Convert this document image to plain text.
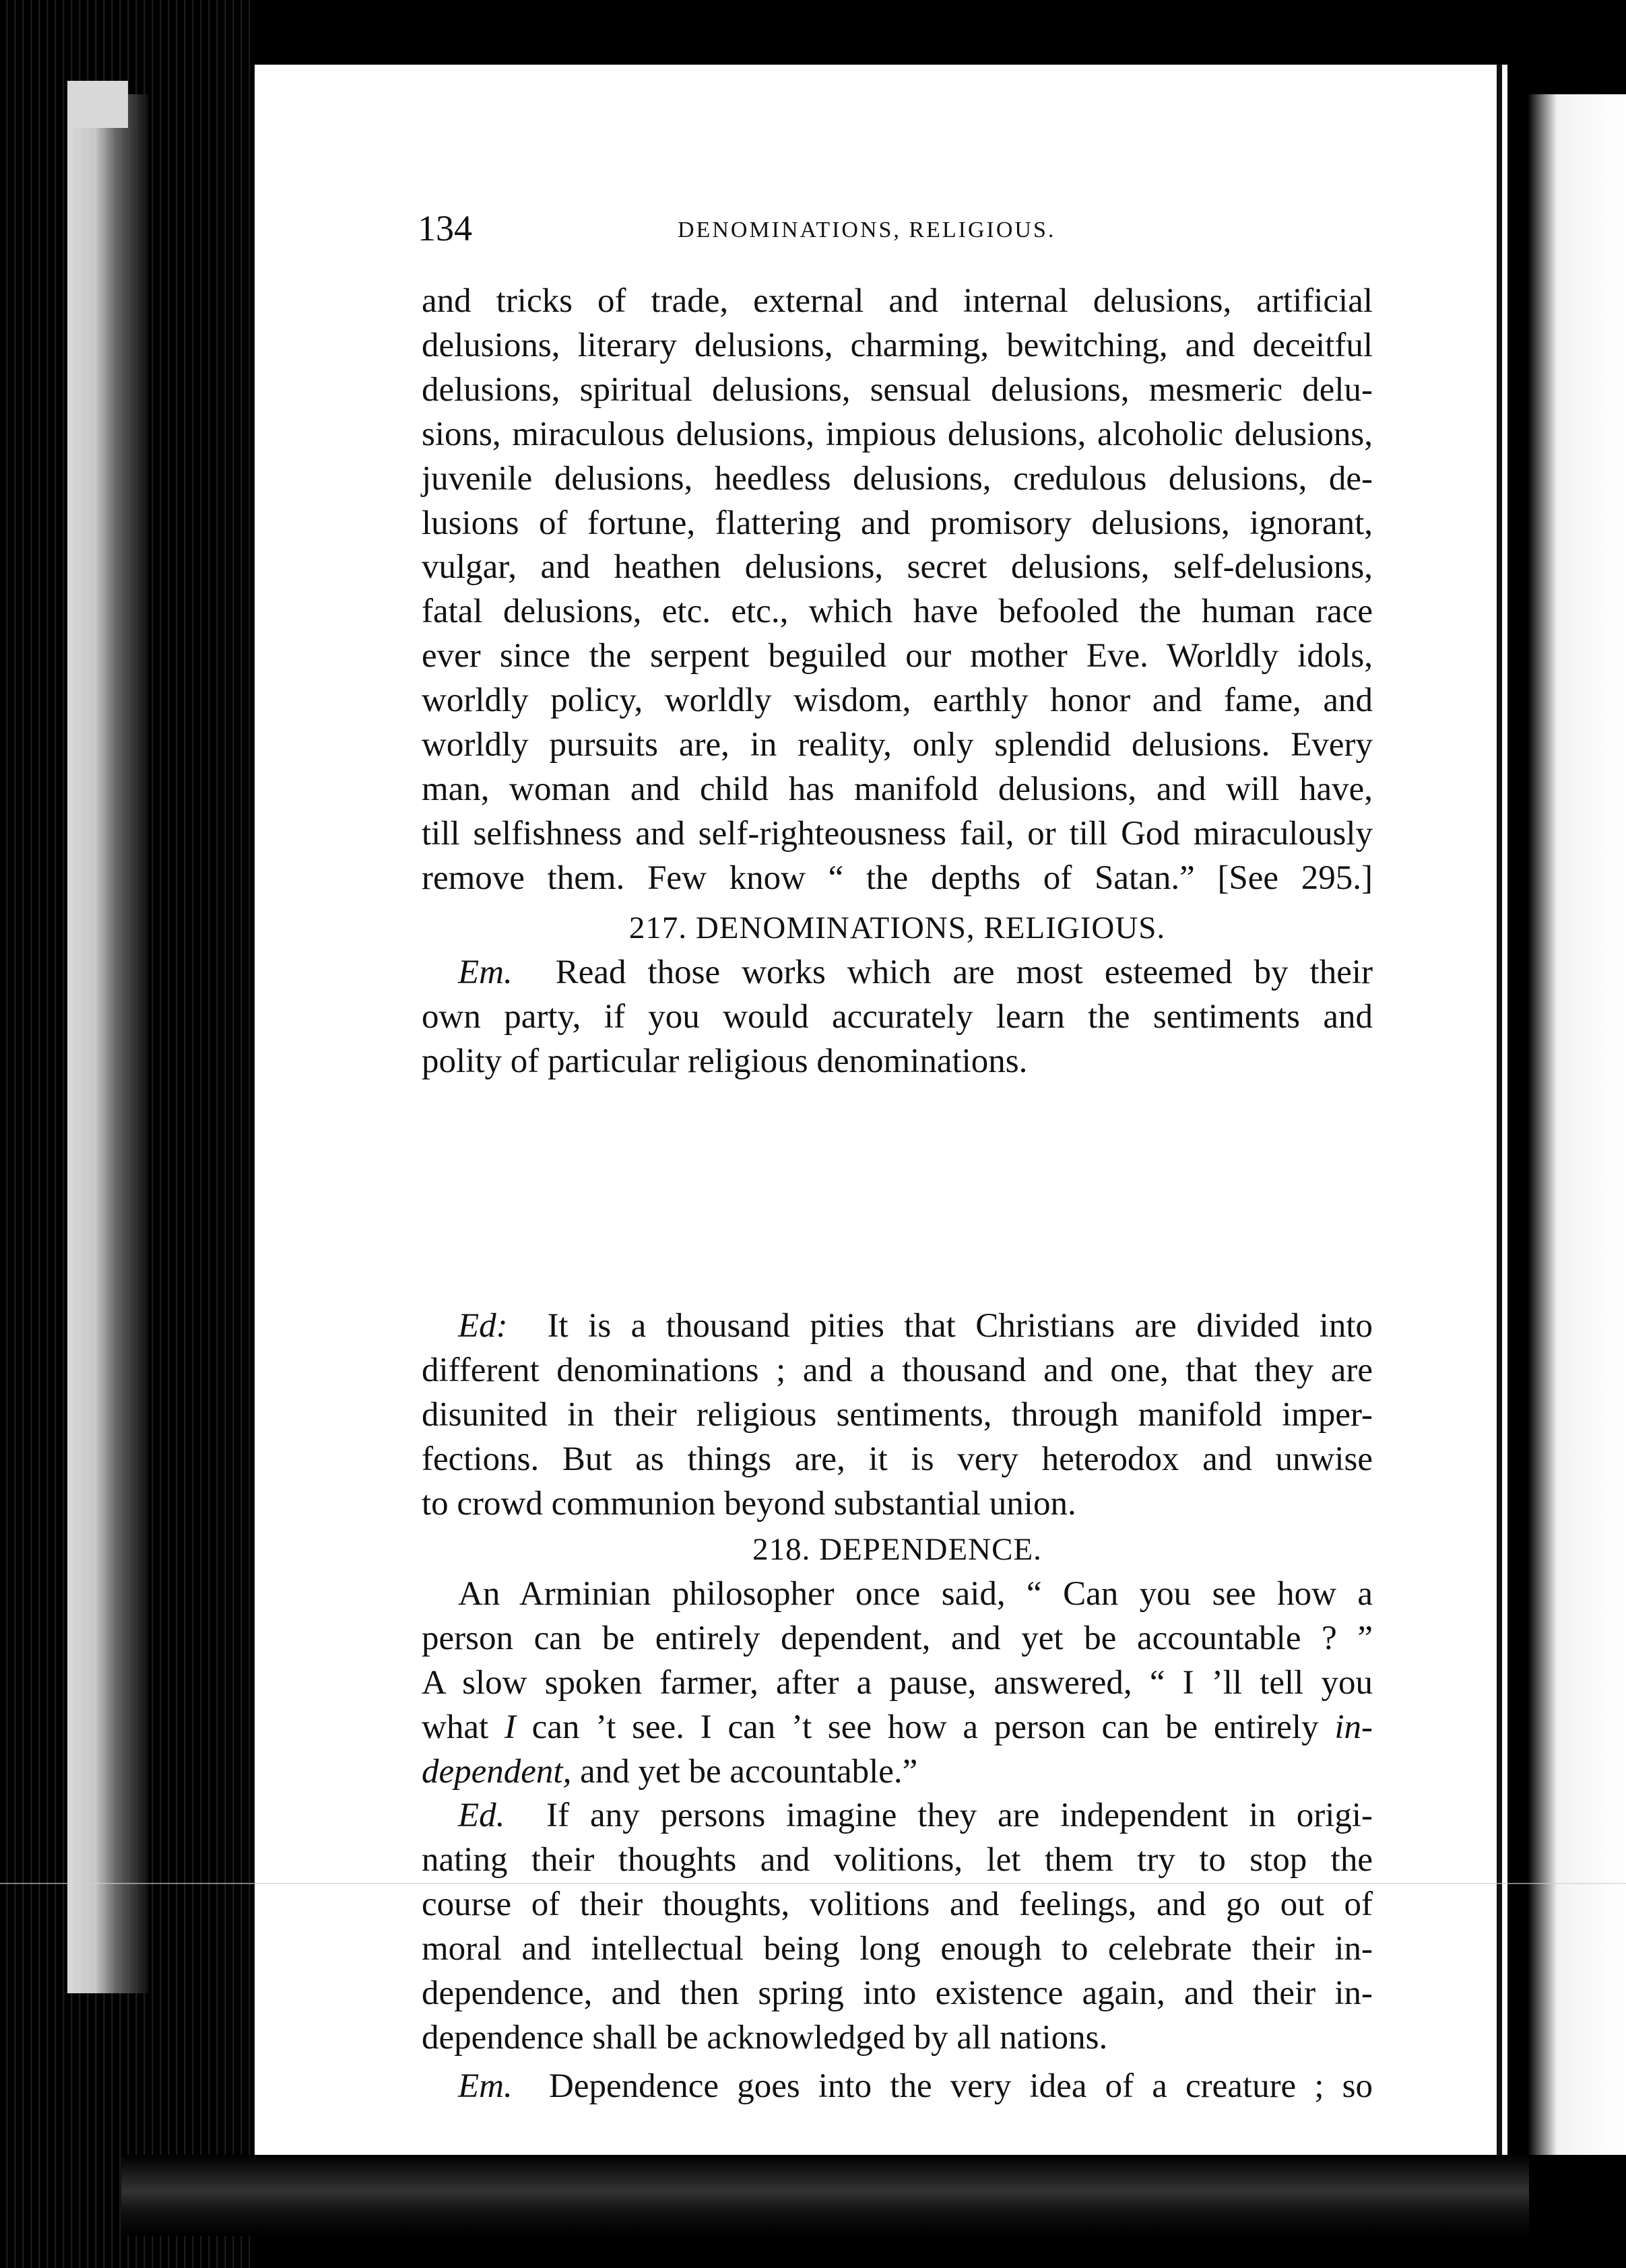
134	DENOMINATIONS, RELIGIOUS.
and tricks of trade, external and internal delusions, artificial
delusions, literary delusions, charming, bewitching, and deceitful
delusions, spiritual delusions, sensual delusions, mesmeric delu-
sions, miraculous delusions, impious delusions, alcoholic delusions,
juvenile delusions, heedless delusions, credulous delusions, de-
lusions of fortune, flattering and promisory delusions, ignorant,
vulgar, and heathen delusions, secret delusions, self-delusions,
fatal delusions, etc. etc., which have befooled the human race
ever since the serpent beguiled our mother Eve. Worldly idols,
worldly policy, worldly wisdom, earthly honor and fame, and
worldly pursuits are, in reality, only splendid delusions. Every
man, woman and child has manifold delusions, and will have,
till selfishness and self-righteousness fail, or till God miraculously
remove them. Few know “ the depths of Satan.” [See 295.]
217. DENOMINATIONS, RELIGIOUS.
Em. Read those works which are most esteemed by their
own party, if you would accurately learn the sentiments and
polity of particular religious denominations.
Ed: It is a thousand pities that Christians are divided into
different denominations ; and a thousand and one, that they are
disunited in their religious sentiments, through manifold imper-
fections. But as things are, it is very heterodox and unwise
to crowd communion beyond substantial union.
218. DEPENDENCE.
An Arminian philosopher once said, “ Can you see how a
person can be entirely dependent, and yet be accountable ? ”
A slow spoken farmer, after a pause, answered, “ I ’ll tell you
what I can ’t see. I can ’t see how a person can be entirely in-
dependent, and yet be accountable.”
Ed. If any persons imagine they are independent in origi-
nating their thoughts and volitions, let them try to stop the
course of their thoughts, volitions and feelings, and go out of
moral and intellectual being long enough to celebrate their in-
dependence, and then spring into existence again, and their in-
dependence shall be acknowledged by all nations.
Em. Dependence goes into the very idea of a creature ; so
